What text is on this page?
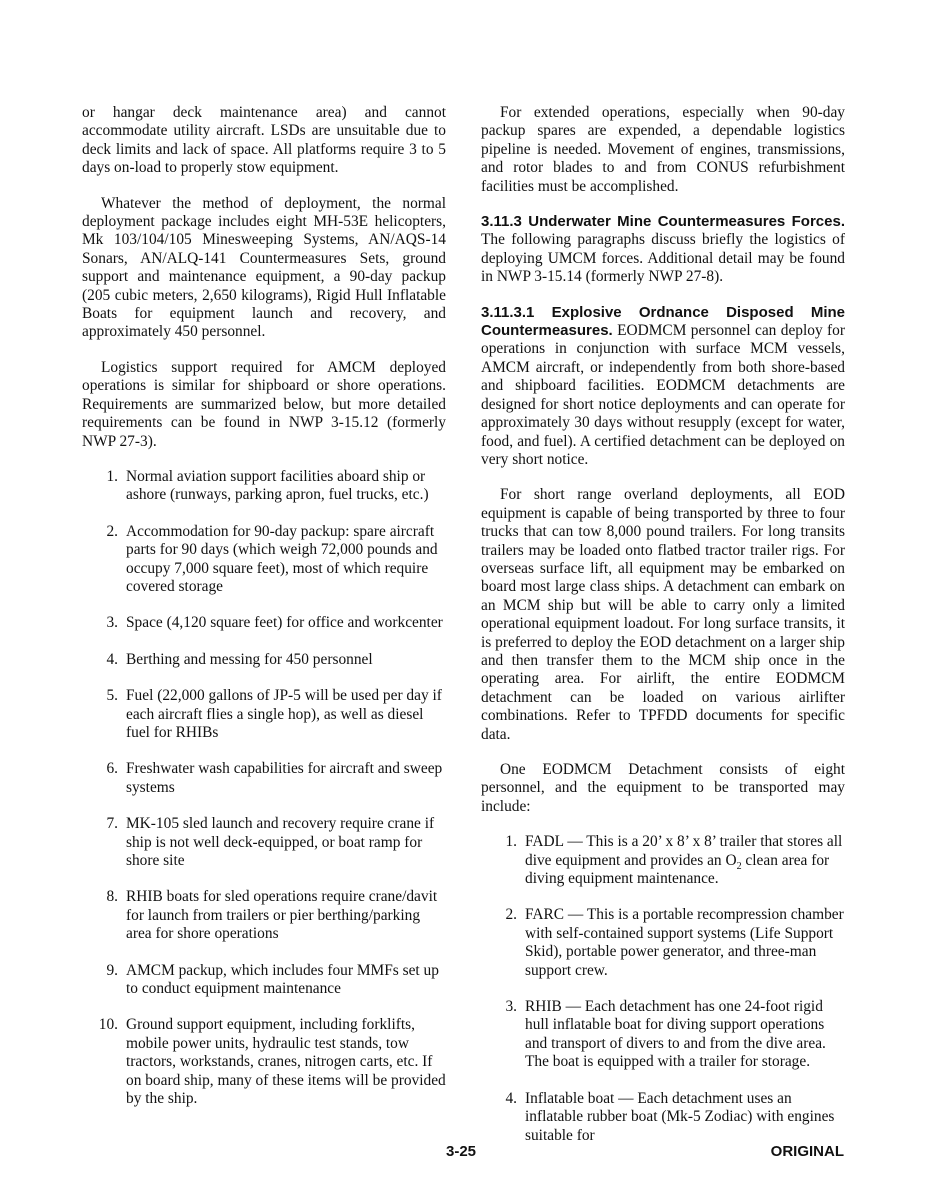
or hangar deck maintenance area) and cannot accommodate utility aircraft. LSDs are unsuitable due to deck limits and lack of space. All platforms require 3 to 5 days on-load to properly stow equipment.

Whatever the method of deployment, the normal deployment package includes eight MH-53E helicopters, Mk 103/104/105 Minesweeping Systems, AN/AQS-14 Sonars, AN/ALQ-141 Countermeasures Sets, ground support and maintenance equipment, a 90-day packup (205 cubic meters, 2,650 kilograms), Rigid Hull Inflatable Boats for equipment launch and recovery, and approximately 450 personnel.

Logistics support required for AMCM deployed operations is similar for shipboard or shore operations. Requirements are summarized below, but more detailed requirements can be found in NWP 3-15.12 (formerly NWP 27-3).

1. Normal aviation support facilities aboard ship or ashore (runways, parking apron, fuel trucks, etc.)
2. Accommodation for 90-day packup: spare aircraft parts for 90 days (which weigh 72,000 pounds and occupy 7,000 square feet), most of which require covered storage
3. Space (4,120 square feet) for office and workcenter
4. Berthing and messing for 450 personnel
5. Fuel (22,000 gallons of JP-5 will be used per day if each aircraft flies a single hop), as well as diesel fuel for RHIBs
6. Freshwater wash capabilities for aircraft and sweep systems
7. MK-105 sled launch and recovery require crane if ship is not well deck-equipped, or boat ramp for shore site
8. RHIB boats for sled operations require crane/davit for launch from trailers or pier berthing/parking area for shore operations
9. AMCM packup, which includes four MMFs set up to conduct equipment maintenance
10. Ground support equipment, including forklifts, mobile power units, hydraulic test stands, tow tractors, workstands, cranes, nitrogen carts, etc. If on board ship, many of these items will be provided by the ship.

For extended operations, especially when 90-day packup spares are expended, a dependable logistics pipeline is needed. Movement of engines, transmissions, and rotor blades to and from CONUS refurbishment facilities must be accomplished.

3.11.3 Underwater Mine Countermeasures Forces. The following paragraphs discuss briefly the logistics of deploying UMCM forces. Additional detail may be found in NWP 3-15.14 (formerly NWP 27-8).

3.11.3.1 Explosive Ordnance Disposed Mine Countermeasures. EODMCM personnel can deploy for operations in conjunction with surface MCM vessels, AMCM aircraft, or independently from both shore-based and shipboard facilities. EODMCM detachments are designed for short notice deployments and can operate for approximately 30 days without resupply (except for water, food, and fuel). A certified detachment can be deployed on very short notice.

For short range overland deployments, all EOD equipment is capable of being transported by three to four trucks that can tow 8,000 pound trailers. For long transits trailers may be loaded onto flatbed tractor trailer rigs. For overseas surface lift, all equipment may be embarked on board most large class ships. A detachment can embark on an MCM ship but will be able to carry only a limited operational equipment loadout. For long surface transits, it is preferred to deploy the EOD detachment on a larger ship and then transfer them to the MCM ship once in the operating area. For airlift, the entire EODMCM detachment can be loaded on various airlifter combinations. Refer to TPFDD documents for specific data.

One EODMCM Detachment consists of eight personnel, and the equipment to be transported may include:

1. FADL — This is a 20’ x 8’ x 8’ trailer that stores all dive equipment and provides an $O_2$ clean area for diving equipment maintenance.
2. FARC — This is a portable recompression chamber with self-contained support systems (Life Support Skid), portable power generator, and three-man support crew.
3. RHIB — Each detachment has one 24-foot rigid hull inflatable boat for diving support operations and transport of divers to and from the dive area. The boat is equipped with a trailer for storage.
4. Inflatable boat — Each detachment uses an inflatable rubber boat (Mk-5 Zodiac) with engines suitable for
3-25	ORIGINAL
